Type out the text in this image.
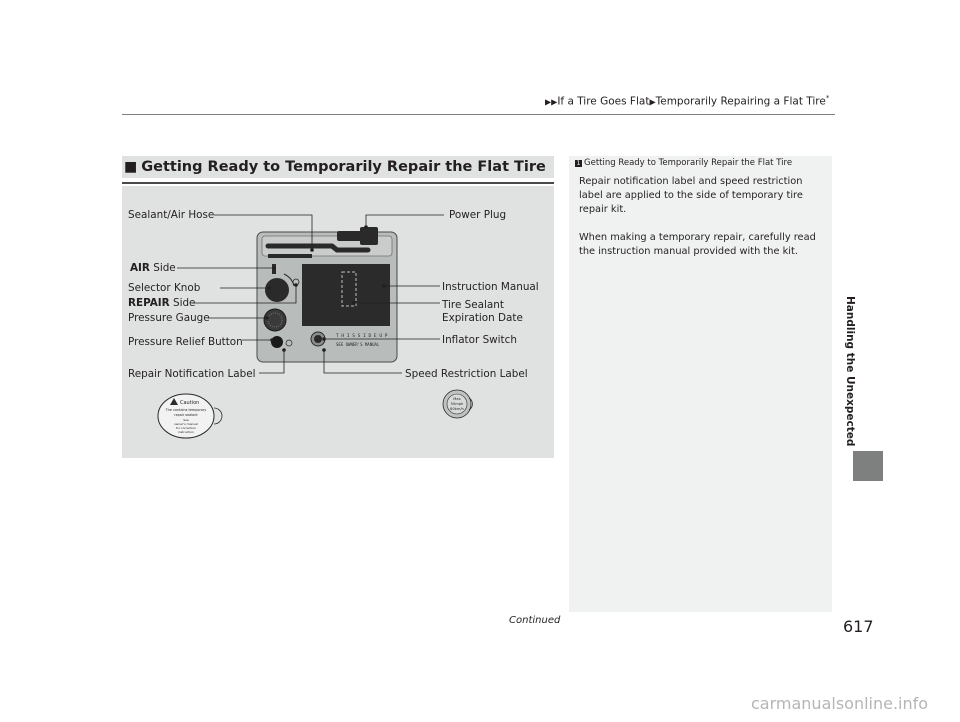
▶▶If a Tire Goes Flat▶Temporarily Repairing a Flat Tire*
■ Getting Ready to Temporarily Repair the Flat Tire
T H I S S I D E U P
SEE OWNER'S MANUAL
Caution
Tire contains temporary
repair sealant
See
owner's manual
for correction
instruction
Max
50mph
80km/h
Sealant/Air Hose	Power Plug
AIR Side
Selector Knob
REPAIR Side
Pressure Gauge
Pressure Relief Button
Instruction Manual
Tire Sealant
Expiration Date
Inflator Switch
Repair Notification Label	Speed Restriction Label
1 Getting Ready to Temporarily Repair the Flat Tire

Repair notification label and speed restriction label are applied to the side of temporary tire repair kit.

When making a temporary repair, carefully read the instruction manual provided with the kit.

Handling the Unexpected
Continued	617
carmanualsonline.info
